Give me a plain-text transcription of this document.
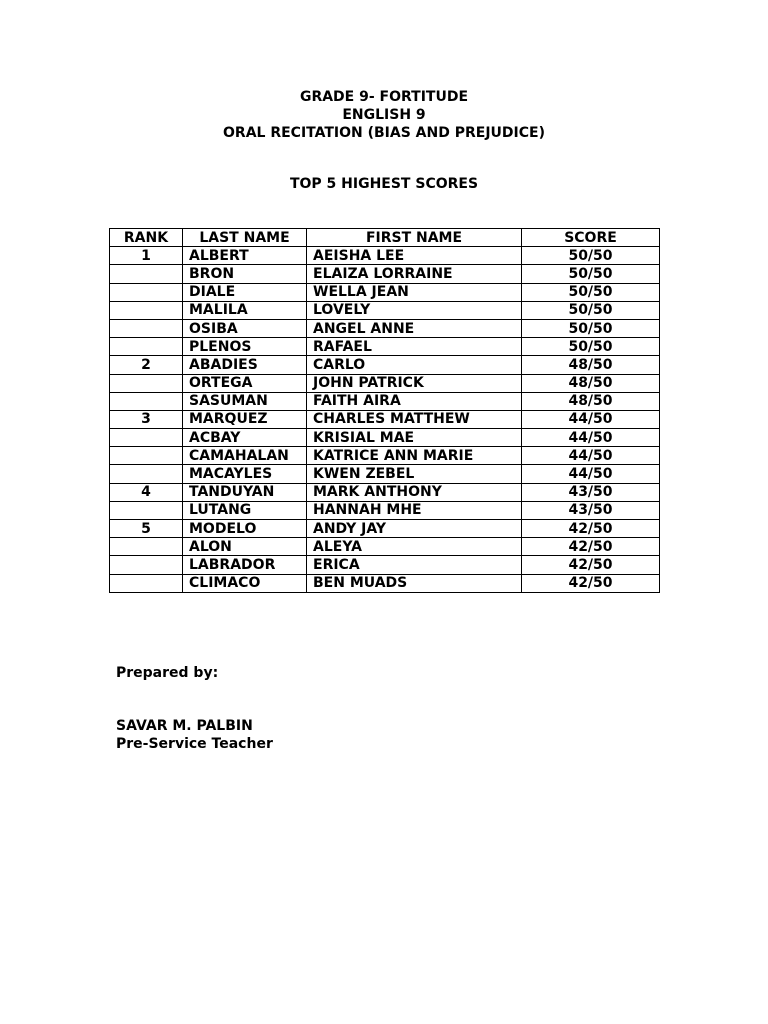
GRADE 9- FORTITUDE
ENGLISH 9
ORAL RECITATION (BIAS AND PREJUDICE)
TOP 5 HIGHEST SCORES
RANK	LAST NAME	FIRST NAME	SCORE
1	ALBERT	AEISHA LEE	50/50
	BRON	ELAIZA LORRAINE	50/50
	DIALE	WELLA JEAN	50/50
	MALILA	LOVELY	50/50
	OSIBA	ANGEL ANNE	50/50
	PLENOS	RAFAEL	50/50
2	ABADIES	CARLO	48/50
	ORTEGA	JOHN PATRICK	48/50
	SASUMAN	FAITH AIRA	48/50
3	MARQUEZ	CHARLES MATTHEW	44/50
	ACBAY	KRISIAL MAE	44/50
	CAMAHALAN	KATRICE ANN MARIE	44/50
	MACAYLES	KWEN ZEBEL	44/50
4	TANDUYAN	MARK ANTHONY	43/50
	LUTANG	HANNAH MHE	43/50
5	MODELO	ANDY JAY	42/50
	ALON	ALEYA	42/50
	LABRADOR	ERICA	42/50
	CLIMACO	BEN MUADS	42/50
Prepared by:
SAVAR M. PALBIN
Pre-Service Teacher
